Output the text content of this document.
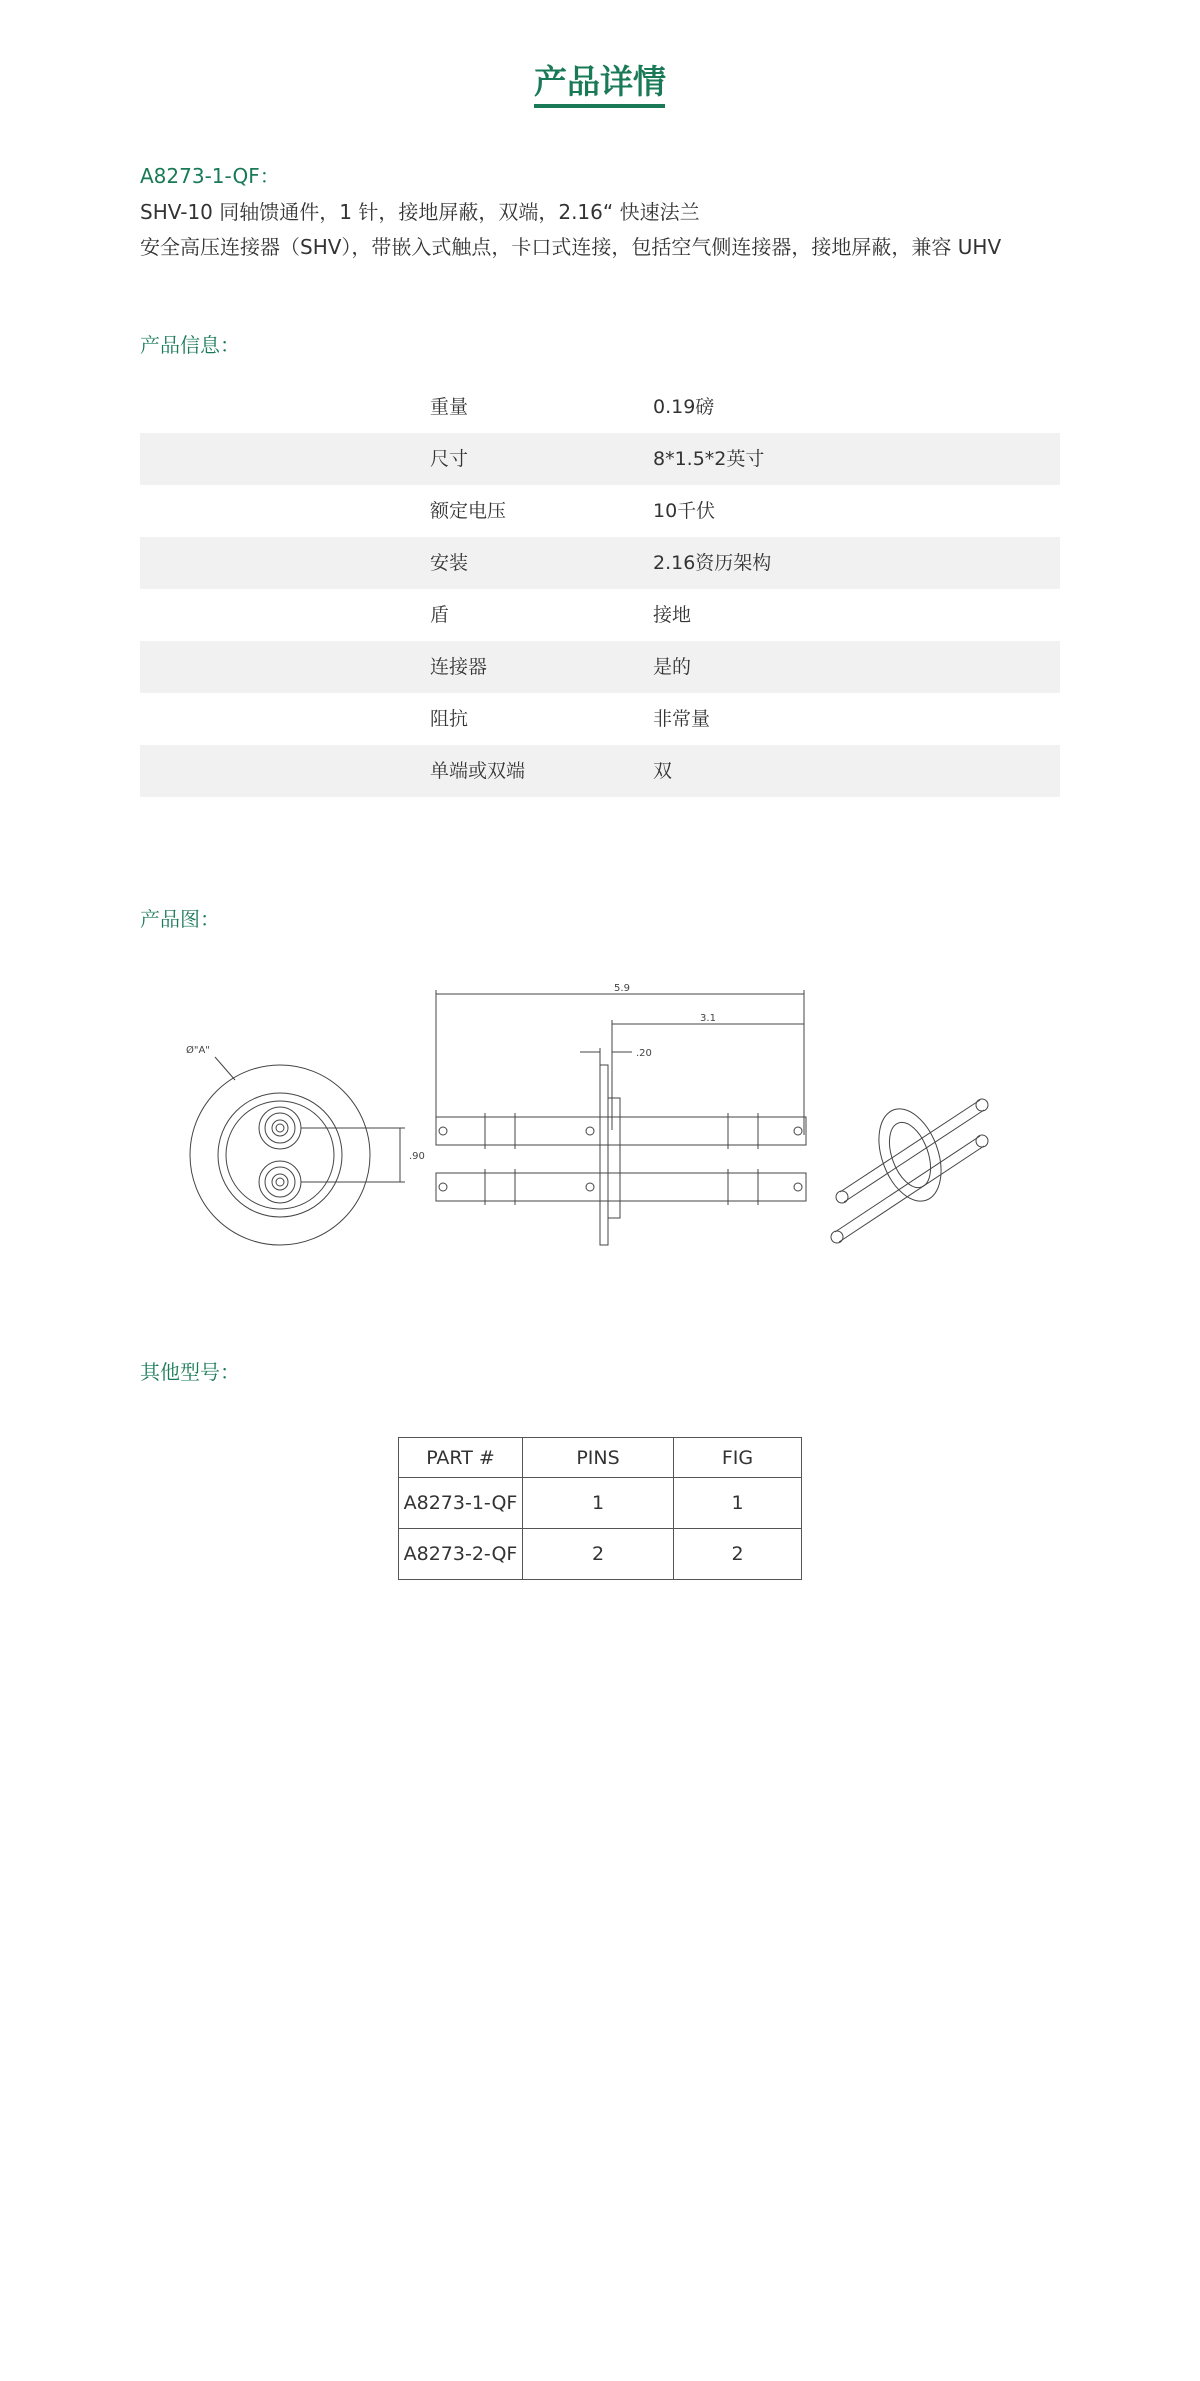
产品详情
A8273-1-QF：
SHV-10 同轴馈通件，1 针，接地屏蔽，双端，2.16“ 快速法兰
安全高压连接器（SHV），带嵌入式触点，卡口式连接，包括空气侧连接器，接地屏蔽，兼容 UHV
产品信息：
重量	0.19磅
尺寸	8*1.5*2英寸
额定电压	10千伏
安装	2.16资历架构
盾	接地
连接器	是的
阻抗	非常量
单端或双端	双
产品图：
5.9
3.1
.20
.90
Ø"A"
其他型号：
PART #	PINS	FIG
A8273-1-QF	1	1
A8273-2-QF	2	2
